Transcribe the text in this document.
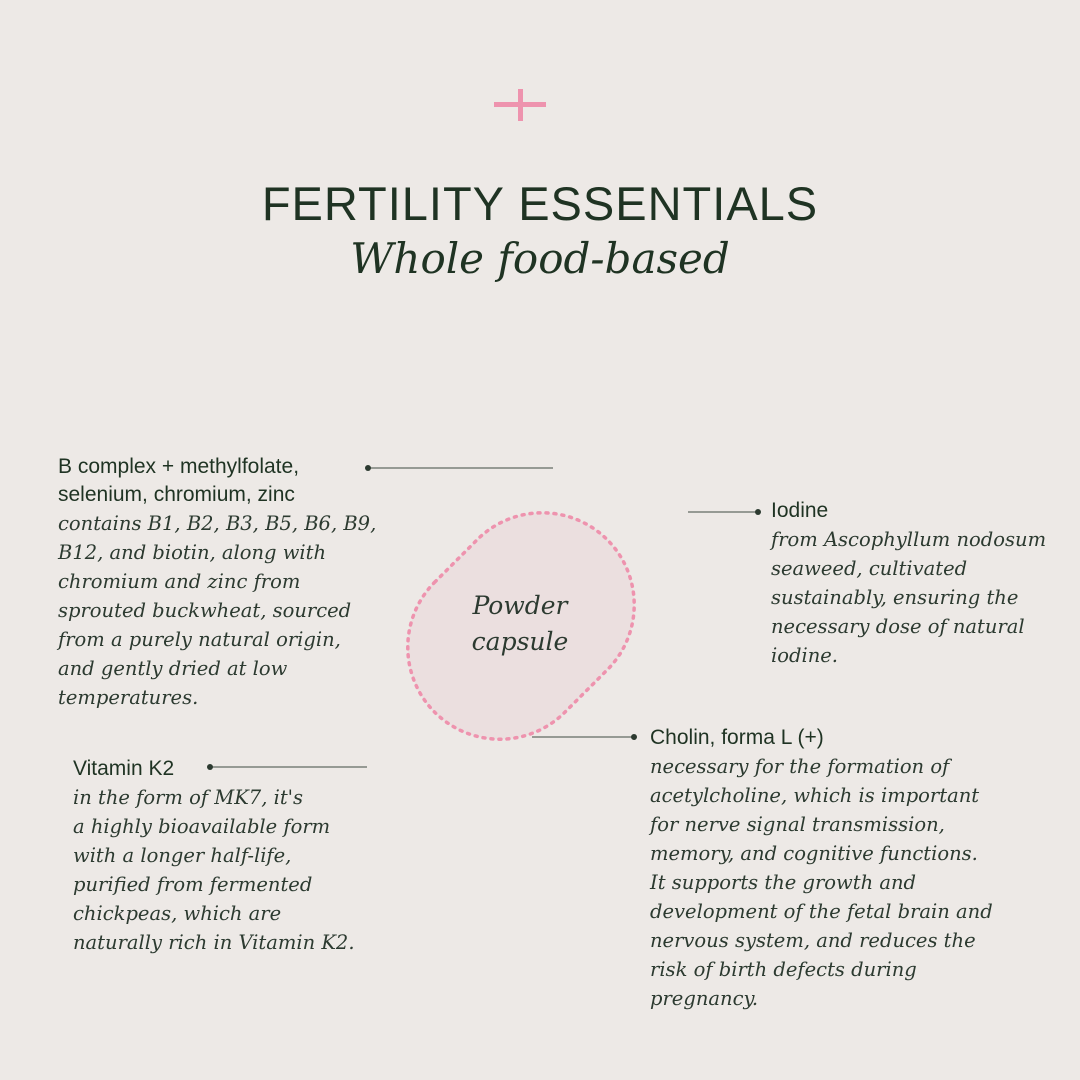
FERTILITY ESSENTIALS
Whole food-based
Powder
capsule
B complex + methylfolate,
selenium, chromium, zinc
contains B1, B2, B3, B5, B6, B9,
B12, and biotin, along with
chromium and zinc from
sprouted buckwheat, sourced
from a purely natural origin,
and gently dried at low
temperatures.
Iodine
from Ascophyllum nodosum
seaweed, cultivated
sustainably, ensuring the
necessary dose of natural
iodine.
Vitamin K2
in the form of MK7, it's
a highly bioavailable form
with a longer half-life,
purified from fermented
chickpeas, which are
naturally rich in Vitamin K2.
Cholin, forma L (+)
necessary for the formation of
acetylcholine, which is important
for nerve signal transmission,
memory, and cognitive functions.
It supports the growth and
development of the fetal brain and
nervous system, and reduces the
risk of birth defects during
pregnancy.
